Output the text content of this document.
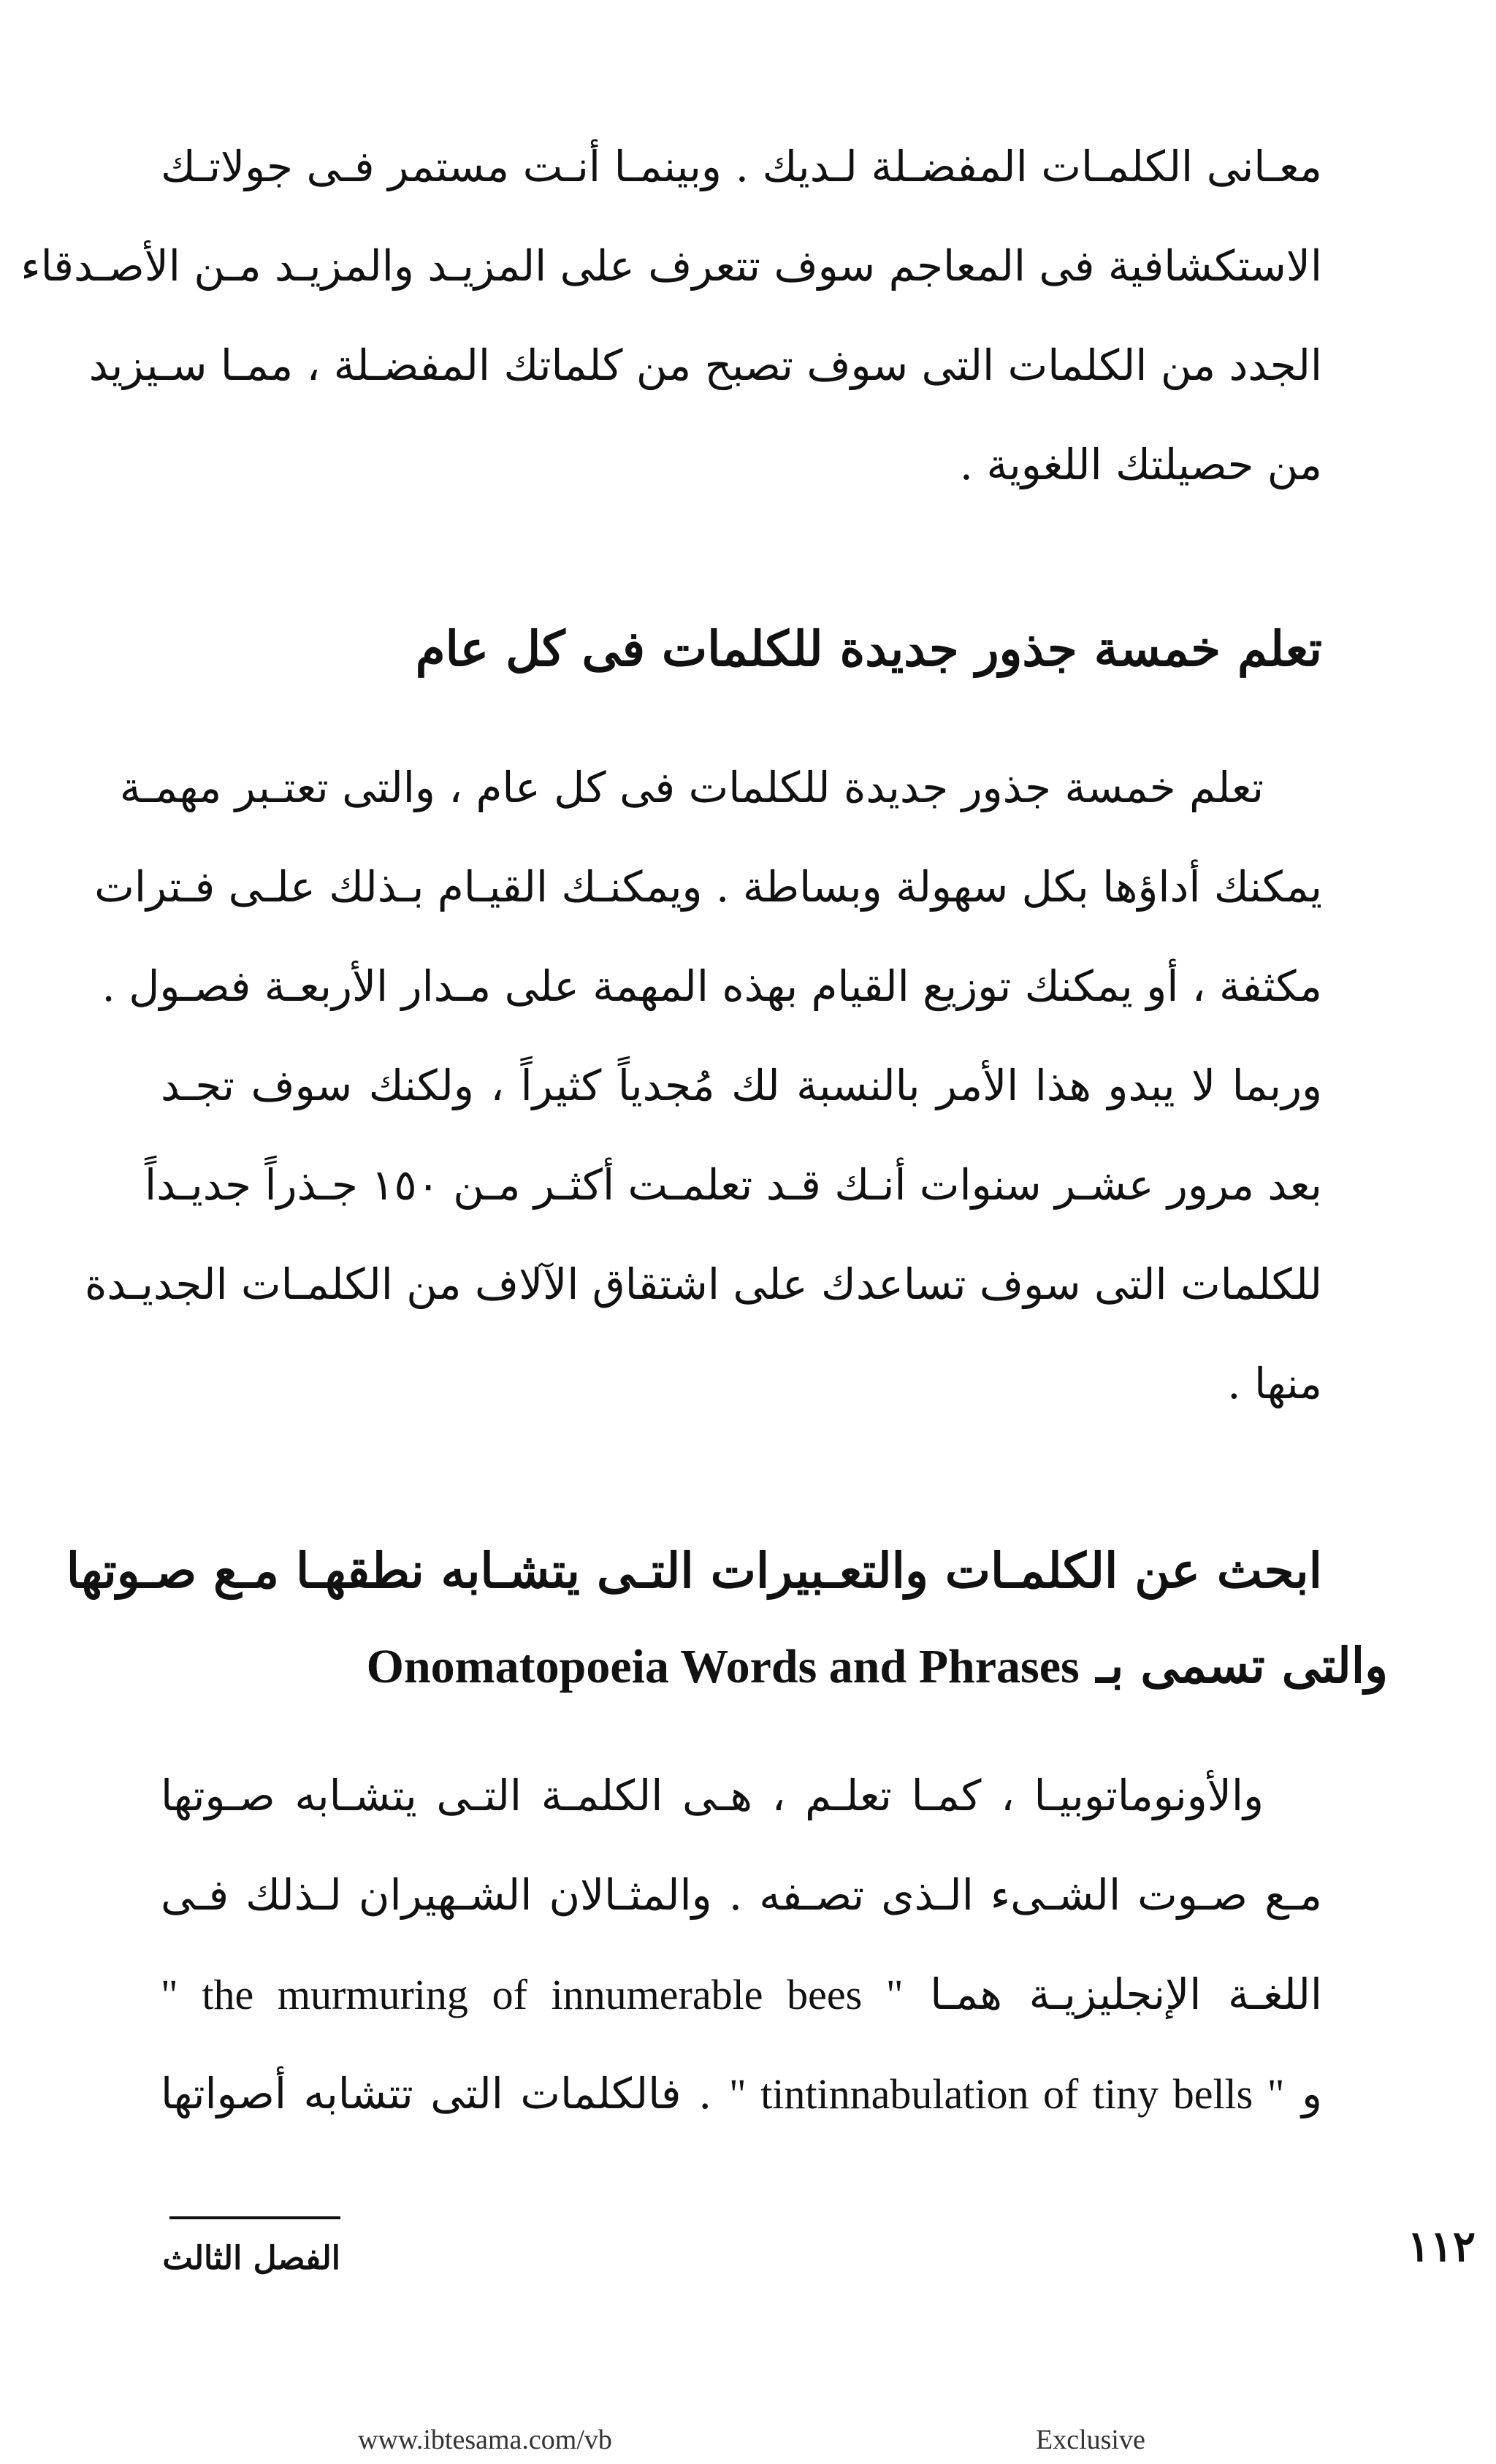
معـانى الكلمـات المفضـلة لـديك . وبينمـا أنـت مستمر فـى جولاتـك
الاستكشافية فى المعاجم سوف تتعرف على المزيـد والمزيـد مـن الأصـدقاء
الجدد من الكلمات التى سوف تصبح من كلماتك المفضـلة ، ممـا سـيزيد
من حصيلتك اللغوية .
تعلم خمسة جذور جديدة للكلمات فى كل عام
تعلم خمسة جذور جديدة للكلمات فى كل عام ، والتى تعتـبر مهمـة
يمكنك أداؤها بكل سهولة وبساطة . ويمكنـك القيـام بـذلك علـى فـترات
مكثفة ، أو يمكنك توزيع القيام بهذه المهمة على مـدار الأربعـة فصـول .
وربما لا يبدو هذا الأمر بالنسبة لك مُجدياً كثيراً ، ولكنك سوف تجـد
بعد مرور عشـر سنوات أنـك قـد تعلمـت أكثـر مـن ١٥٠ جـذراً جديـداً
للكلمات التى سوف تساعدك على اشتقاق الآلاف من الكلمـات الجديـدة
منها .
ابحث عن الكلمـات والتعـبيرات التـى يتشـابه نطقهـا مـع صـوتها
والتى تسمى بـ Onomatopoeia Words and Phrases
والأونوماتوبيـا ، كمـا تعلـم ، هـى الكلمـة التـى يتشـابه صـوتها
مـع صـوت الشـىء الـذى تصـفه . والمثـالان الشـهيران لـذلك فـى
اللغـة الإنجليزيـة همـا " the murmuring of innumerable bees "
و " tintinnabulation of tiny bells " . فالكلمات التى تتشابه أصواتها
الفصل الثالث	١١٢
www.ibtesama.com/vb	Exclusive
